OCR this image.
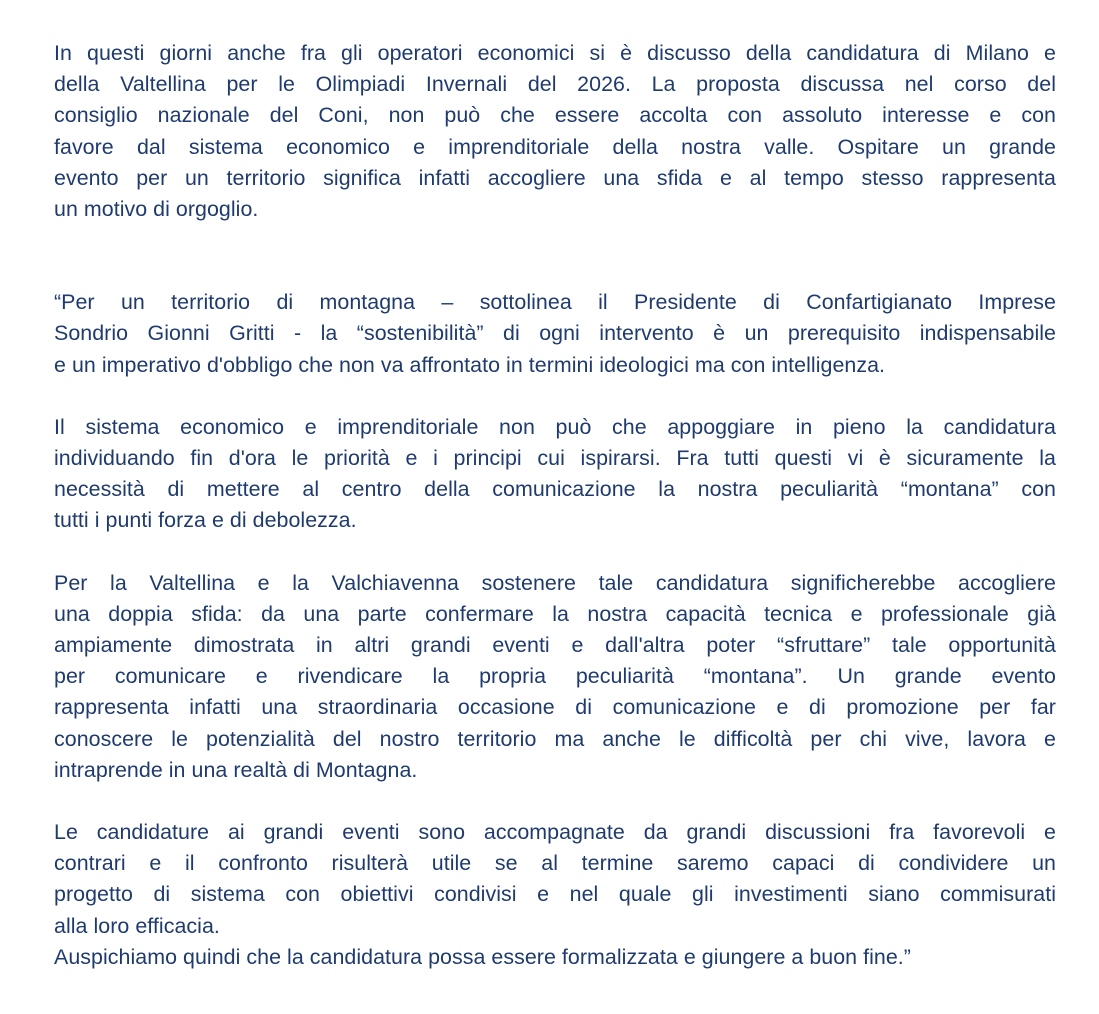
In questi giorni anche fra gli operatori economici si è discusso della candidatura di Milano e
della Valtellina per le Olimpiadi Invernali del 2026. La proposta discussa nel corso del
consiglio nazionale del Coni, non può che essere accolta con assoluto interesse e con
favore dal sistema economico e imprenditoriale della nostra valle. Ospitare un grande
evento per un territorio significa infatti accogliere una sfida e al tempo stesso rappresenta
un motivo di orgoglio.

“Per un territorio di montagna – sottolinea il Presidente di Confartigianato Imprese
Sondrio Gionni Gritti - la “sostenibilità” di ogni intervento è un prerequisito indispensabile
e un imperativo d'obbligo che non va affrontato in termini ideologici ma con intelligenza.

Il sistema economico e imprenditoriale non può che appoggiare in pieno la candidatura
individuando fin d'ora le priorità e i principi cui ispirarsi. Fra tutti questi vi è sicuramente la
necessità di mettere al centro della comunicazione la nostra peculiarità “montana” con
tutti i punti forza e di debolezza.

Per la Valtellina e la Valchiavenna sostenere tale candidatura significherebbe accogliere
una doppia sfida: da una parte confermare la nostra capacità tecnica e professionale già
ampiamente dimostrata in altri grandi eventi e dall'altra poter “sfruttare” tale opportunità
per comunicare e rivendicare la propria peculiarità “montana”. Un grande evento
rappresenta infatti una straordinaria occasione di comunicazione e di promozione per far
conoscere le potenzialità del nostro territorio ma anche le difficoltà per chi vive, lavora e
intraprende in una realtà di Montagna.

Le candidature ai grandi eventi sono accompagnate da grandi discussioni fra favorevoli e
contrari e il confronto risulterà utile se al termine saremo capaci di condividere un
progetto di sistema con obiettivi condivisi e nel quale gli investimenti siano commisurati
alla loro efficacia.
Auspichiamo quindi che la candidatura possa essere formalizzata e giungere a buon fine.”
